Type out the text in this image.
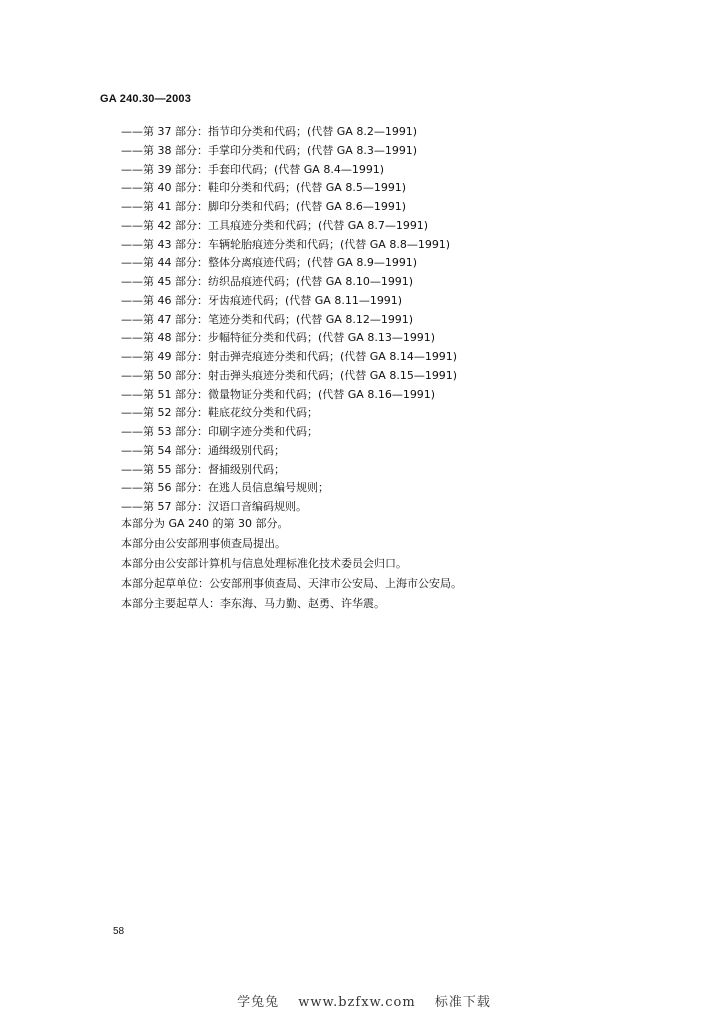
GA 240.30—2003
——第 37 部分：指节印分类和代码；(代替 GA 8.2—1991)
——第 38 部分：手掌印分类和代码；(代替 GA 8.3—1991)
——第 39 部分：手套印代码；(代替 GA 8.4—1991)
——第 40 部分：鞋印分类和代码；(代替 GA 8.5—1991)
——第 41 部分：脚印分类和代码；(代替 GA 8.6—1991)
——第 42 部分：工具痕迹分类和代码；(代替 GA 8.7—1991)
——第 43 部分：车辆轮胎痕迹分类和代码；(代替 GA 8.8—1991)
——第 44 部分：整体分离痕迹代码；(代替 GA 8.9—1991)
——第 45 部分：纺织品痕迹代码；(代替 GA 8.10—1991)
——第 46 部分：牙齿痕迹代码；(代替 GA 8.11—1991)
——第 47 部分：笔迹分类和代码；(代替 GA 8.12—1991)
——第 48 部分：步幅特征分类和代码；(代替 GA 8.13—1991)
——第 49 部分：射击弹壳痕迹分类和代码；(代替 GA 8.14—1991)
——第 50 部分：射击弹头痕迹分类和代码；(代替 GA 8.15—1991)
——第 51 部分：微量物证分类和代码；(代替 GA 8.16—1991)
——第 52 部分：鞋底花纹分类和代码；
——第 53 部分：印刷字迹分类和代码；
——第 54 部分：通缉级别代码；
——第 55 部分：督捕级别代码；
——第 56 部分：在逃人员信息编号规则；
——第 57 部分：汉语口音编码规则。

本部分为 GA 240 的第 30 部分。

本部分由公安部刑事侦查局提出。

本部分由公安部计算机与信息处理标准化技术委员会归口。

本部分起草单位：公安部刑事侦查局、天津市公安局、上海市公安局。

本部分主要起草人：李东海、马力勤、赵勇、许华震。

58
学兔兔 www.bzfxw.com 标准下载
